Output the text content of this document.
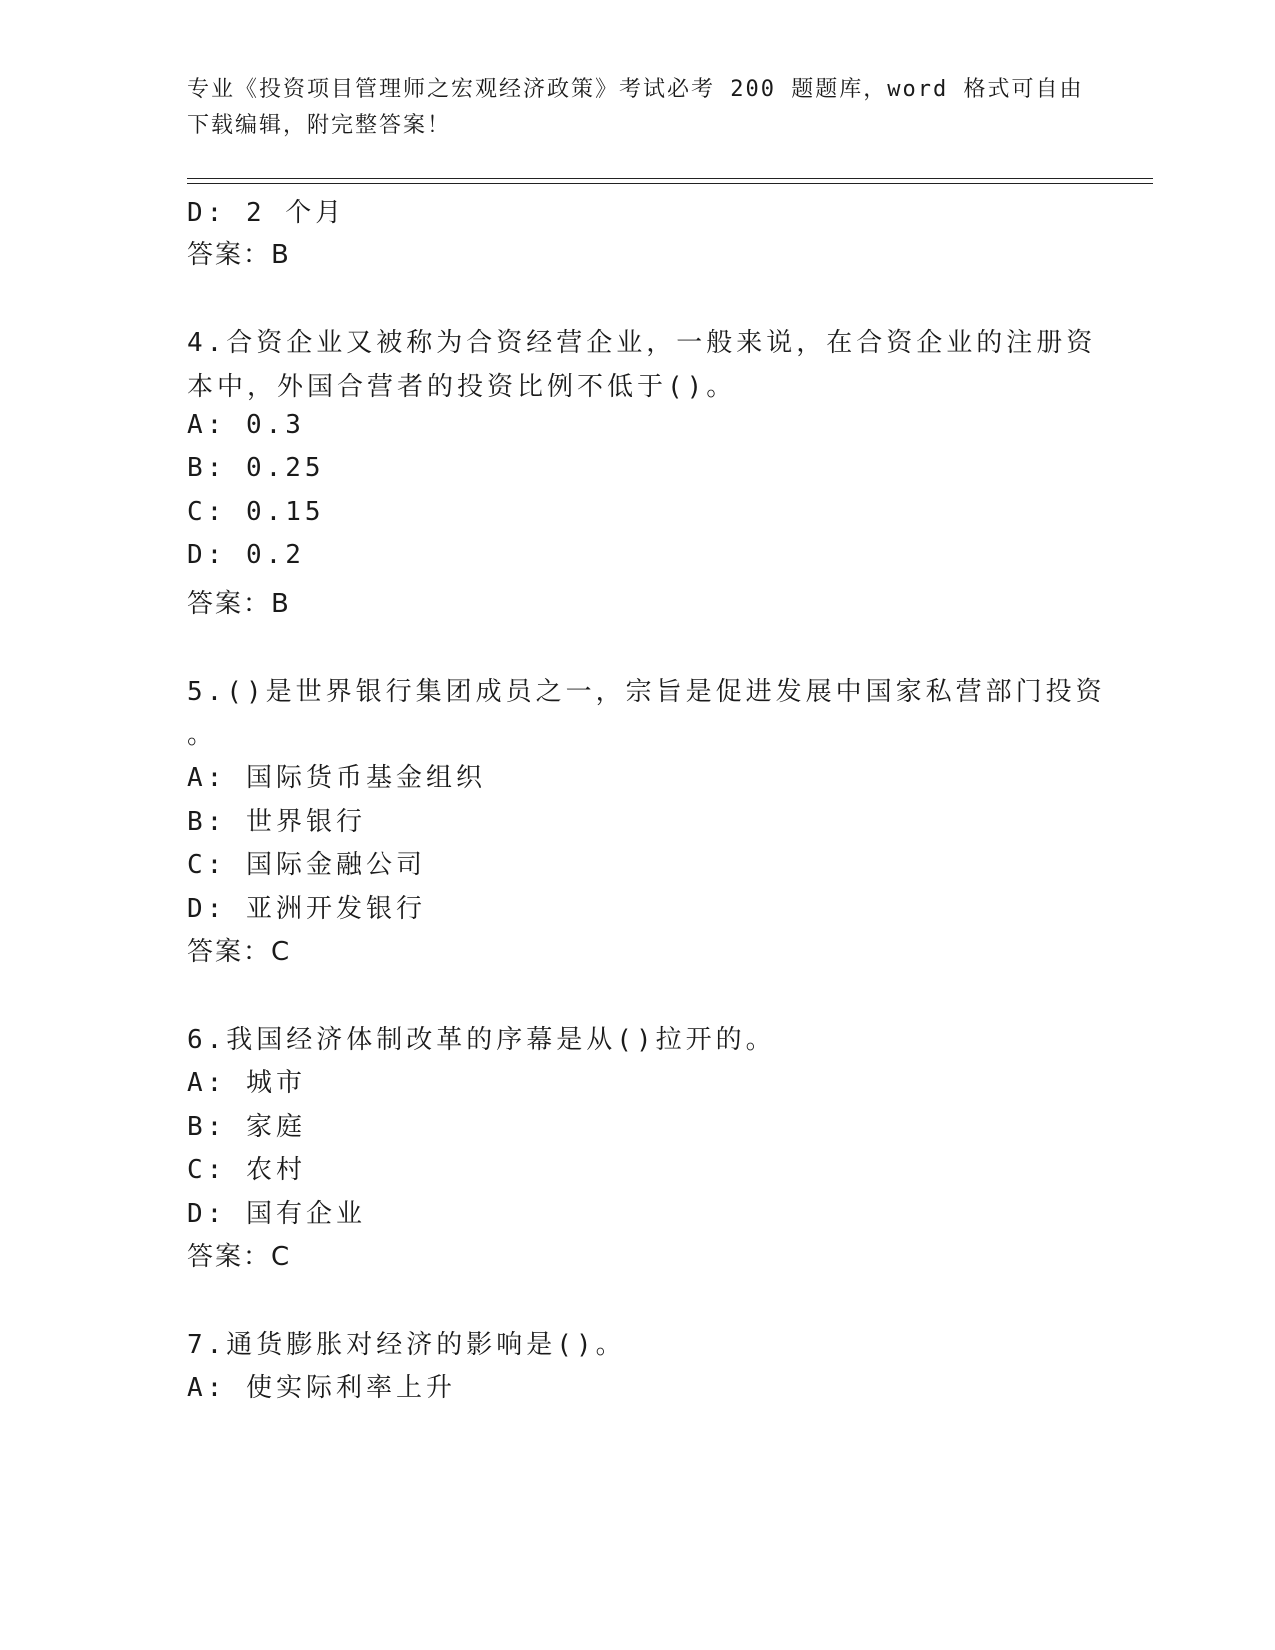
专业《投资项目管理师之宏观经济政策》考试必考 200 题题库，word 格式可自由
下载编辑，附完整答案！
D: 2 个月
答案：B
4.合资企业又被称为合资经营企业，一般来说，在合资企业的注册资
本中，外国合营者的投资比例不低于()。
A: 0.3
B: 0.25
C: 0.15
D: 0.2
答案：B
5.()是世界银行集团成员之一，宗旨是促进发展中国家私营部门投资
。
A: 国际货币基金组织
B: 世界银行
C: 国际金融公司
D: 亚洲开发银行
答案：C
6.我国经济体制改革的序幕是从()拉开的。
A: 城市
B: 家庭
C: 农村
D: 国有企业
答案：C
7.通货膨胀对经济的影响是()。
A: 使实际利率上升
